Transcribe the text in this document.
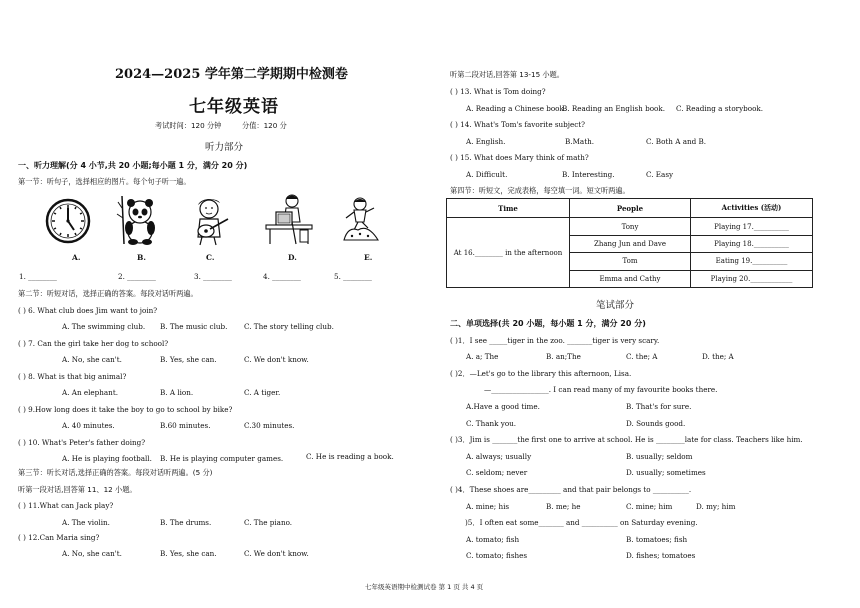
2024—2025 学年第二学期期中检测卷
七年级英语
考试时间：120 分钟	分值：120 分
听力部分
一、听力理解(分 4 小节,共 20 小题;每小题 1 分，满分 20 分)
第一节：听句子，选择相应的图片。每个句子听一遍。
A.	B.	C.	D.	E.
1. ________	2. ________	3. ________	4. ________	5. ________
第二节：听短对话，选择正确的答案。每段对话听两遍。
( ) 6. What club does Jim want to join?
A. The swimming club. B. The music club. C. The story telling club.
( ) 7. Can the girl take her dog to school?
A. No, she can't.	B. Yes, she can.	C. We don't know.
( ) 8. What is that big animal?
A. An elephant.	B. A lion.	C. A tiger.
( ) 9.How long does it take the boy to go to school by bike?
A. 40 minutes.	B.60 minutes.	C.30 minutes.
( ) 10. What's Peter's father doing?
A. He is playing football. B. He is playing computer games.	C. He is reading a book.
第三节：听长对话,选择正确的答案。每段对话听两遍。(5 分)
听第一段对话,回答第 11、12 小题。
( ) 11.What can Jack play?
A. The violin.	B. The drums.	C. The piano.
( ) 12.Can Maria sing?
A. No, she can't.	B. Yes, she can.	C. We don't know.
听第二段对话,回答第 13-15 小题。
( ) 13. What is Tom doing?
A. Reading a Chinese book.
B. Reading an English book. C. Reading a storybook.
( ) 14. What's Tom's favorite subject?
A. English.	B.Math.	C. Both A and B.
( ) 15. What does Mary think of math?
A. Difficult.	B. Interesting.	C. Easy
第四节：听短文，完成表格，每空填一词。短文听两遍。
Time	People	Activities (活动)
At 16.________ in the afternoon	Tony	Playing 17.__________
	Zhang Jun and Dave	Playing 18.__________
	Tom	Eating 19.__________
	Emma and Cathy	Playing 20.____________
笔试部分
二、单项选择(共 20 小题，每小题 1 分，满分 20 分)
( )1．I see _____tiger in the zoo. _______tiger is very scary.
A. a; The	B. an;The	C. the; A	D. the; A
( )2．—Let's go to the library this afternoon, Lisa.
—________________. I can read many of my favourite books there.
A.Have a good time.	B. That's for sure.
C. Thank you.	D. Sounds good.
( )3．Jim is _______the first one to arrive at school. He is ________late for class. Teachers like him.
A. always; usually	B. usually; seldom
C. seldom; never	D. usually; sometimes
( )4．These shoes are_________ and that pair belongs to __________.
A. mine; his	B. me; he	C. mine; him	D. my; him
)5．I often eat some_______ and __________ on Saturday evening.
A. tomato; fish	B. tomatoes; fish
C. tomato; fishes	D. fishes; tomatoes
七年级英语期中检测试卷 第 1 页 共 4 页
